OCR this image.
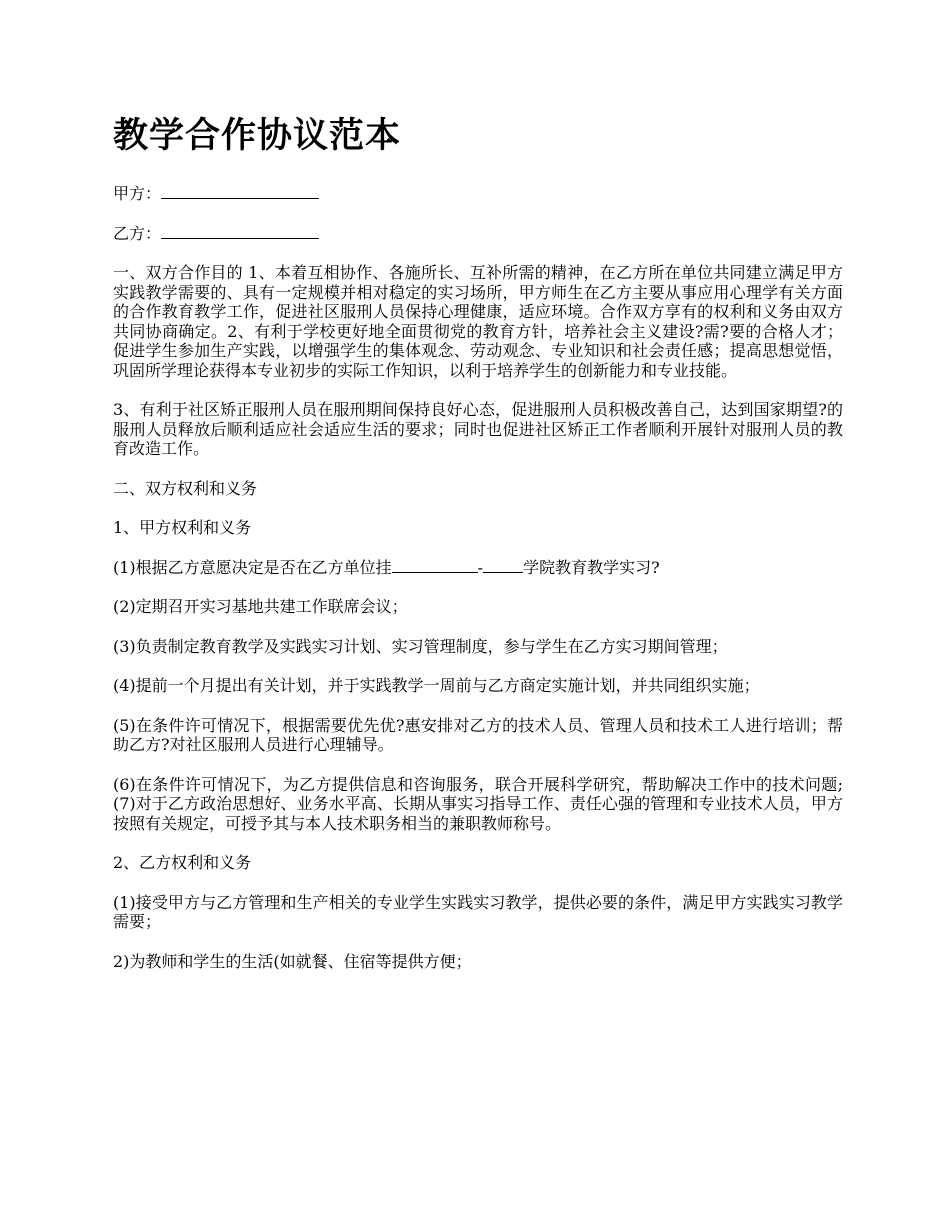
教学合作协议范本

甲方：

乙方：

一、双方合作目的 1、本着互相协作、各施所长、互补所需的精神，在乙方所在单位共同建立满足甲方实践教学需要的、具有一定规模并相对稳定的实习场所，甲方师生在乙方主要从事应用心理学有关方面的合作教育教学工作，促进社区服刑人员保持心理健康，适应环境。合作双方享有的权利和义务由双方共同协商确定。2、有利于学校更好地全面贯彻党的教育方针，培养社会主义建设?需?要的合格人才；促进学生参加生产实践，以增强学生的集体观念、劳动观念、专业知识和社会责任感；提高思想觉悟，巩固所学理论获得本专业初步的实际工作知识，以利于培养学生的创新能力和专业技能。

3、有利于社区矫正服刑人员在服刑期间保持良好心态，促进服刑人员积极改善自己，达到国家期望?的服刑人员释放后顺利适应社会适应生活的要求；同时也促进社区矫正工作者顺利开展针对服刑人员的教育改造工作。

二、双方权利和义务

1、甲方权利和义务

(1)根据乙方意愿决定是否在乙方单位挂	-	学院教育教学实习?

(2)定期召开实习基地共建工作联席会议；

(3)负责制定教育教学及实践实习计划、实习管理制度，参与学生在乙方实习期间管理；

(4)提前一个月提出有关计划，并于实践教学一周前与乙方商定实施计划，并共同组织实施；

(5)在条件许可情况下，根据需要优先优?惠安排对乙方的技术人员、管理人员和技术工人进行培训；帮助乙方?对社区服刑人员进行心理辅导。

(6)在条件许可情况下，为乙方提供信息和咨询服务，联合开展科学研究，帮助解决工作中的技术问题;(7)对于乙方政治思想好、业务水平高、长期从事实习指导工作、责任心强的管理和专业技术人员，甲方按照有关规定，可授予其与本人技术职务相当的兼职教师称号。

2、乙方权利和义务

(1)接受甲方与乙方管理和生产相关的专业学生实践实习教学，提供必要的条件，满足甲方实践实习教学需要；

2)为教师和学生的生活(如就餐、住宿等提供方便；
